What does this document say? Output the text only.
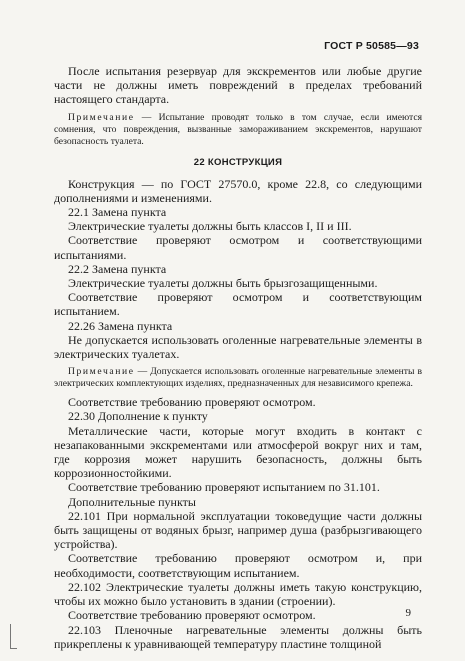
ГОСТ Р 50585—93

После испытания резервуар для экскрементов или любые другие части не должны иметь повреждений в пределах требований настоящего стандарта.

Примечание — Испытание проводят только в том случае, если имеются сомнения, что повреждения, вызванные замораживанием экскрементов, нарушают безопасность туалета.

22 КОНСТРУКЦИЯ

Конструкция — по ГОСТ 27570.0, кроме 22.8, со следующими дополнениями и изменениями.

22.1 Замена пункта

Электрические туалеты должны быть классов I, II и III.

Соответствие проверяют осмотром и соответствующими испытаниями.

22.2 Замена пункта

Электрические туалеты должны быть брызгозащищенными.

Соответствие проверяют осмотром и соответствующим испытанием.

22.26 Замена пункта

Не допускается использовать оголенные нагревательные элементы в электрических туалетах.

Примечание — Допускается использовать оголенные нагревательные элементы в электрических комплектующих изделиях, предназначенных для независимого крепежа.

Соответствие требованию проверяют осмотром.

22.30 Дополнение к пункту

Металлические части, которые могут входить в контакт с незапакованными экскрементами или атмосферой вокруг них и там, где коррозия может нарушить безопасность, должны быть коррозионностойкими.

Соответствие требованию проверяют испытанием по 31.101.

Дополнительные пункты

22.101 При нормальной эксплуатации токоведущие части должны быть защищены от водяных брызг, например душа (разбрызгивающего устройства).

Соответствие требованию проверяют осмотром и, при необходимости, соответствующим испытанием.

22.102 Электрические туалеты должны иметь такую конструкцию, чтобы их можно было установить в здании (строении).

Соответствие требованию проверяют осмотром.

22.103 Пленочные нагревательные элементы должны быть прикреплены к уравнивающей температуру пластине толщиной

9
